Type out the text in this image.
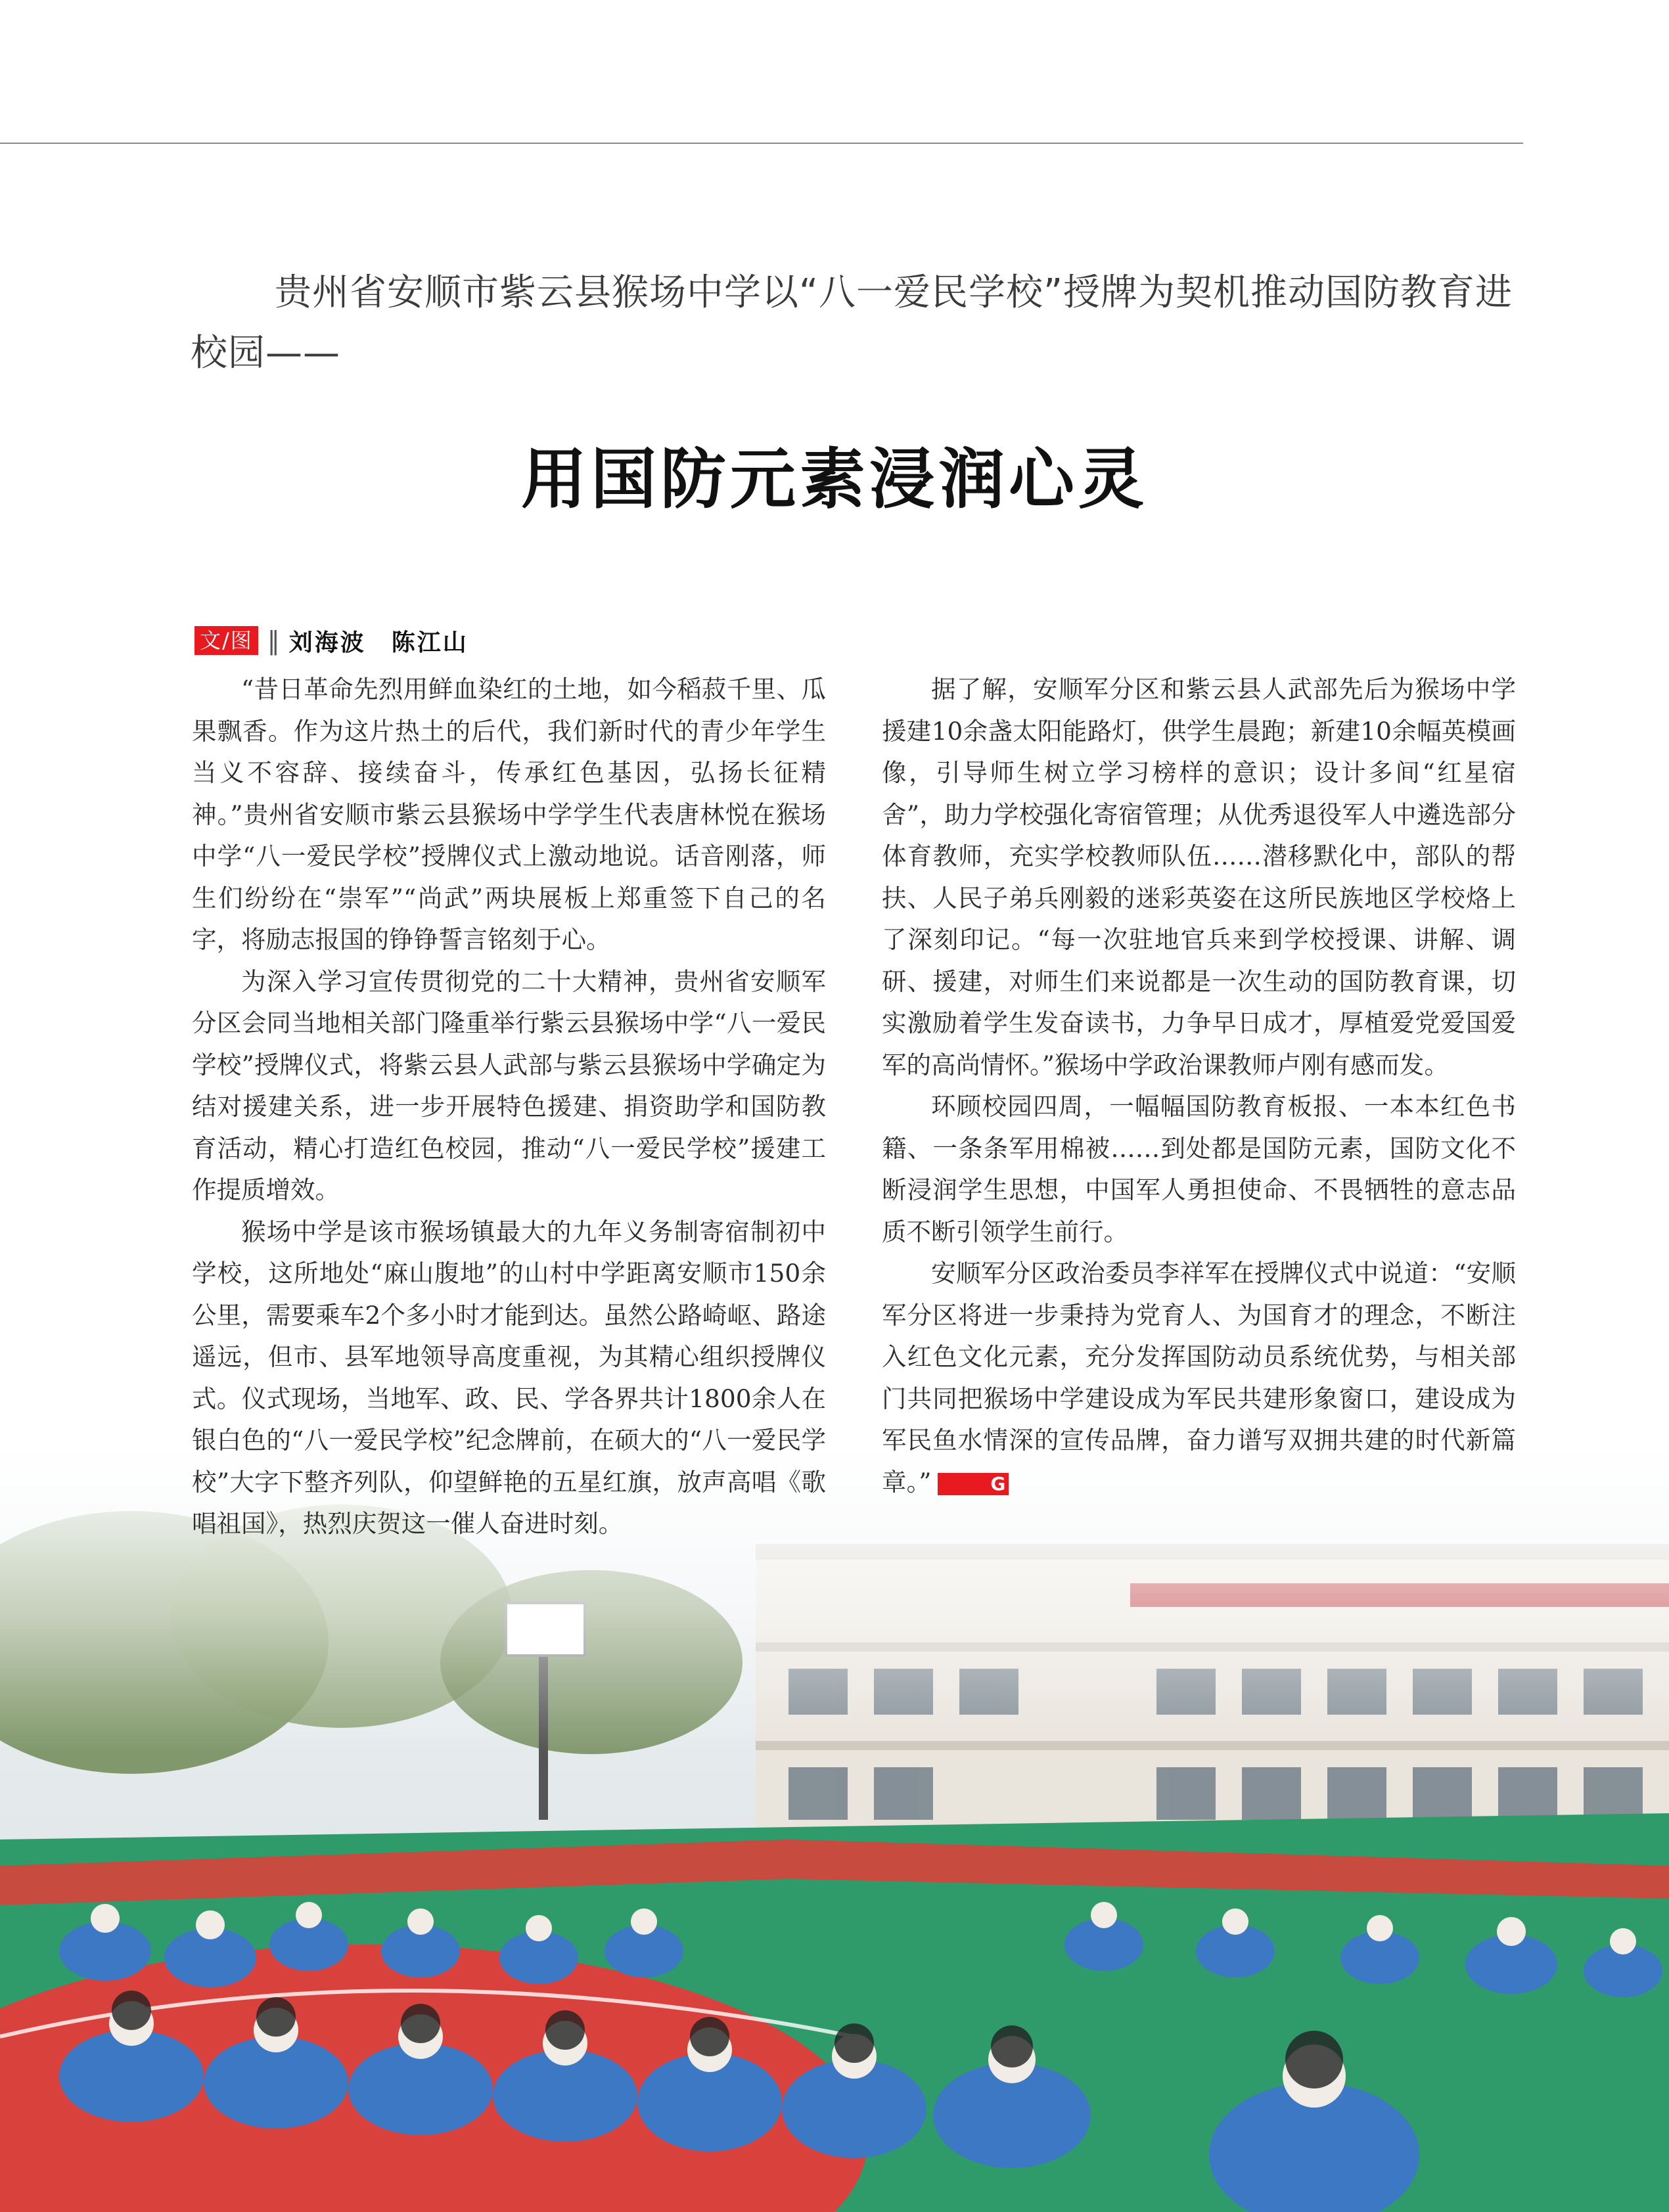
贵州省安顺市紫云县猴场中学以“八一爱民学校”授牌为契机推动国防教育进校园——
用国防元素浸润心灵
文/图 ‖ 刘海波　陈江山

“昔日革命先烈用鲜血染红的土地，如今稻菽千里、瓜果飘香。作为这片热土的后代，我们新时代的青少年学生当义不容辞、接续奋斗，传承红色基因，弘扬长征精神。”贵州省安顺市紫云县猴场中学学生代表唐林悦在猴场中学“八一爱民学校”授牌仪式上激动地说。话音刚落，师生们纷纷在“崇军”“尚武”两块展板上郑重签下自己的名字，将励志报国的铮铮誓言铭刻于心。

为深入学习宣传贯彻党的二十大精神，贵州省安顺军分区会同当地相关部门隆重举行紫云县猴场中学“八一爱民学校”授牌仪式，将紫云县人武部与紫云县猴场中学确定为结对援建关系，进一步开展特色援建、捐资助学和国防教育活动，精心打造红色校园，推动“八一爱民学校”援建工作提质增效。

猴场中学是该市猴场镇最大的九年义务制寄宿制初中学校，这所地处“麻山腹地”的山村中学距离安顺市150余公里，需要乘车2个多小时才能到达。虽然公路崎岖、路途遥远，但市、县军地领导高度重视，为其精心组织授牌仪式。仪式现场，当地军、政、民、学各界共计1800余人在银白色的“八一爱民学校”纪念牌前，在硕大的“八一爱民学校”大字下整齐列队，仰望鲜艳的五星红旗，放声高唱《歌唱祖国》，热烈庆贺这一催人奋进时刻。

据了解，安顺军分区和紫云县人武部先后为猴场中学援建10余盏太阳能路灯，供学生晨跑；新建10余幅英模画像，引导师生树立学习榜样的意识；设计多间“红星宿舍”，助力学校强化寄宿管理；从优秀退役军人中遴选部分体育教师，充实学校教师队伍……潜移默化中，部队的帮扶、人民子弟兵刚毅的迷彩英姿在这所民族地区学校烙上了深刻印记。“每一次驻地官兵来到学校授课、讲解、调研、援建，对师生们来说都是一次生动的国防教育课，切实激励着学生发奋读书，力争早日成才，厚植爱党爱国爱军的高尚情怀。”猴场中学政治课教师卢刚有感而发。

环顾校园四周，一幅幅国防教育板报、一本本红色书籍、一条条军用棉被……到处都是国防元素，国防文化不断浸润学生思想，中国军人勇担使命、不畏牺牲的意志品质不断引领学生前行。

安顺军分区政治委员李祥军在授牌仪式中说道：“安顺军分区将进一步秉持为党育人、为国育才的理念，不断注入红色文化元素，充分发挥国防动员系统优势，与相关部门共同把猴场中学建设成为军民共建形象窗口，建设成为军民鱼水情深的宣传品牌，奋力谱写双拥共建的时代新篇章。”	G
